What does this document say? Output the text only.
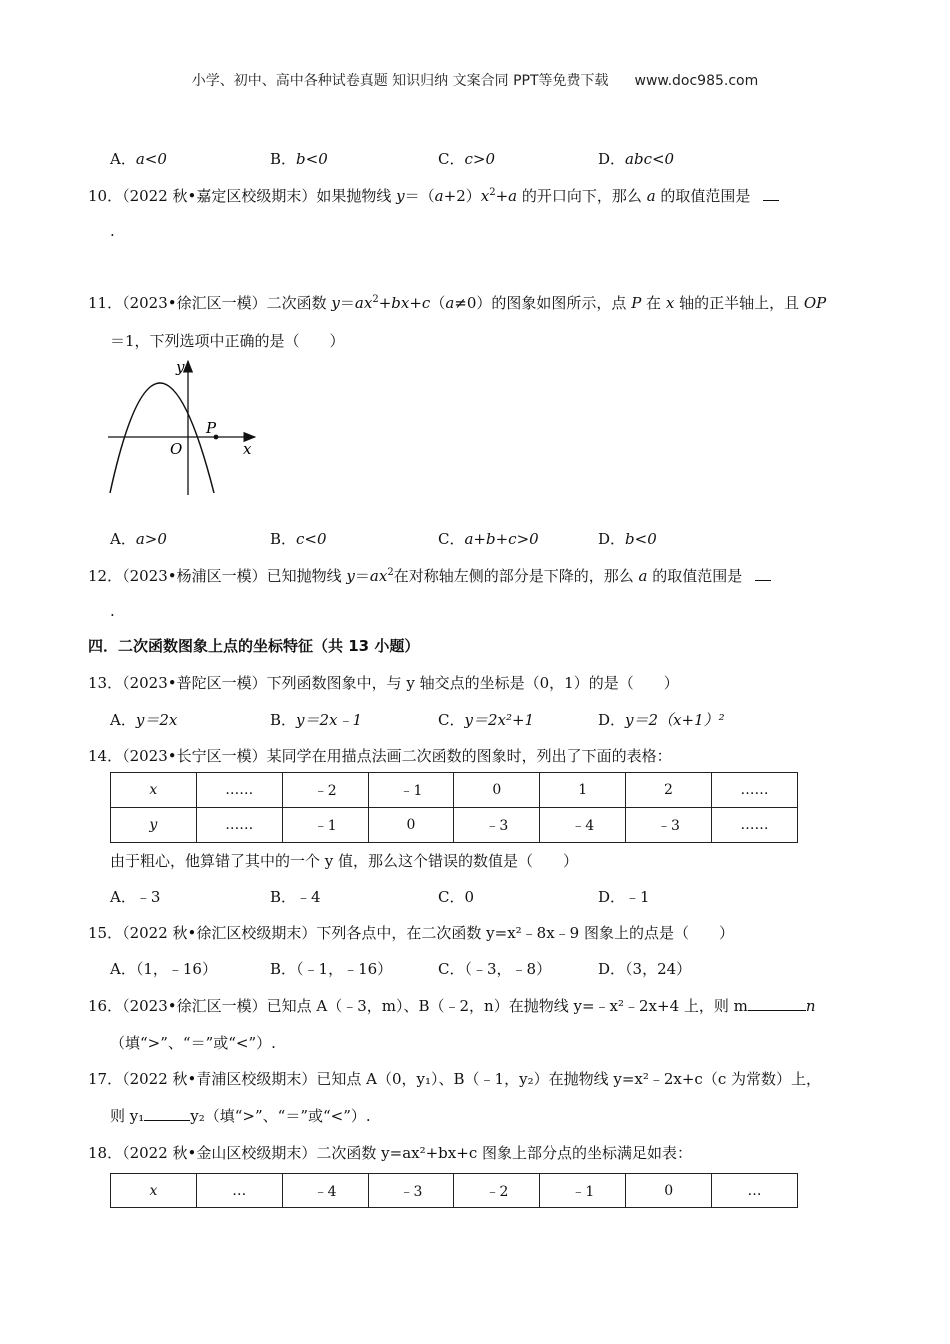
小学、初中、高中各种试卷真题 知识归纳 文案合同 PPT等免费下载 www.doc985.com
A．a<0	B．b<0	C．c>0	D．abc<0
10．（2022 秋•嘉定区校级期末）如果抛物线 $y=(a+2)x^2+a$ 的开口向下，那么 a 的取值范围是
.
11．（2023•徐汇区一模）二次函数 $y=ax^2+bx+c(a\ne 0)$的图象如图所示，点 P 在 x 轴的正半轴上，且 OP
＝1，下列选项中正确的是（　　）
y
x
O
P
A．a>0	B．c<0	C．a+b+c>0	D．b<0
12．（2023•杨浦区一模）已知抛物线 $y=ax^2$在对称轴左侧的部分是下降的，那么 a 的取值范围是
.
四．二次函数图象上点的坐标特征（共 13 小题）
13．（2023•普陀区一模）下列函数图象中，与 y 轴交点的坐标是（0，1）的是（　　）
A．y＝2x	B．y＝2x﹣1	C．y＝2x²+1	D．y＝2（x+1）²
14．（2023•长宁区一模）某同学在用描点法画二次函数的图象时，列出了下面的表格：
x	……	﹣2	﹣1	0	1	2	……
y	……	﹣1	0	﹣3	﹣4	﹣3	……
由于粗心，他算错了其中的一个 y 值，那么这个错误的数值是（　　）
A．﹣3	B．﹣4	C．0	D．﹣1
15．（2022 秋•徐汇区校级期末）下列各点中，在二次函数 y=x²﹣8x﹣9 图象上的点是（　　）
A．（1，﹣16）	B．（﹣1，﹣16）	C．（﹣3，﹣8）	D．（3，24）
16．（2023•徐汇区一模）已知点 A（﹣3，m）、B（﹣2，n）在抛物线 y=﹣x²﹣2x+4 上，则 m	n
（填“>”、“＝”或“<”）.
17．（2022 秋•青浦区校级期末）已知点 A（0，y₁）、B（﹣1，y₂）在抛物线 y=x²﹣2x+c（c 为常数）上，
则 y₁	y₂（填“>”、“＝”或“<”）.
18．（2022 秋•金山区校级期末）二次函数 y=ax²+bx+c 图象上部分点的坐标满足如表：
x	…	﹣4	﹣3	﹣2	﹣1	0	…
